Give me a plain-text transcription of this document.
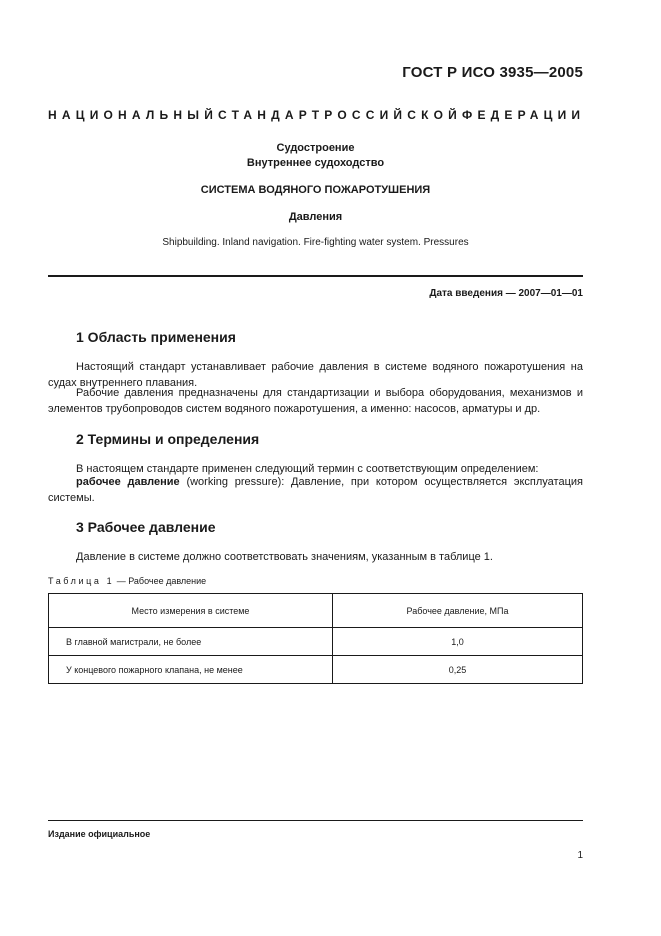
ГОСТ Р ИСО 3935—2005
НАЦИОНАЛЬНЫЙ СТАНДАРТ РОССИЙСКОЙ ФЕДЕРАЦИИ
Судостроение
Внутреннее судоходство
СИСТЕМА ВОДЯНОГО ПОЖАРОТУШЕНИЯ
Давления
Shipbuilding. Inland navigation. Fire-fighting water system. Pressures
Дата введения — 2007—01—01
1 Область применения
Настоящий стандарт устанавливает рабочие давления в системе водяного пожаротушения на судах внутреннего плавания.
Рабочие давления предназначены для стандартизации и выбора оборудования, механизмов и элементов трубопроводов систем водяного пожаротушения, а именно: насосов, арматуры и др.
2 Термины и определения
В настоящем стандарте применен следующий термин с соответствующим определением:
рабочее давление (working pressure): Давление, при котором осуществляется эксплуатация системы.
3 Рабочее давление
Давление в системе должно соответствовать значениям, указанным в таблице 1.
Таблица 1 — Рабочее давление
Место измерения в системе	Рабочее давление, МПа
В главной магистрали, не более	1,0
У концевого пожарного клапана, не менее	0,25
Издание официальное
1
